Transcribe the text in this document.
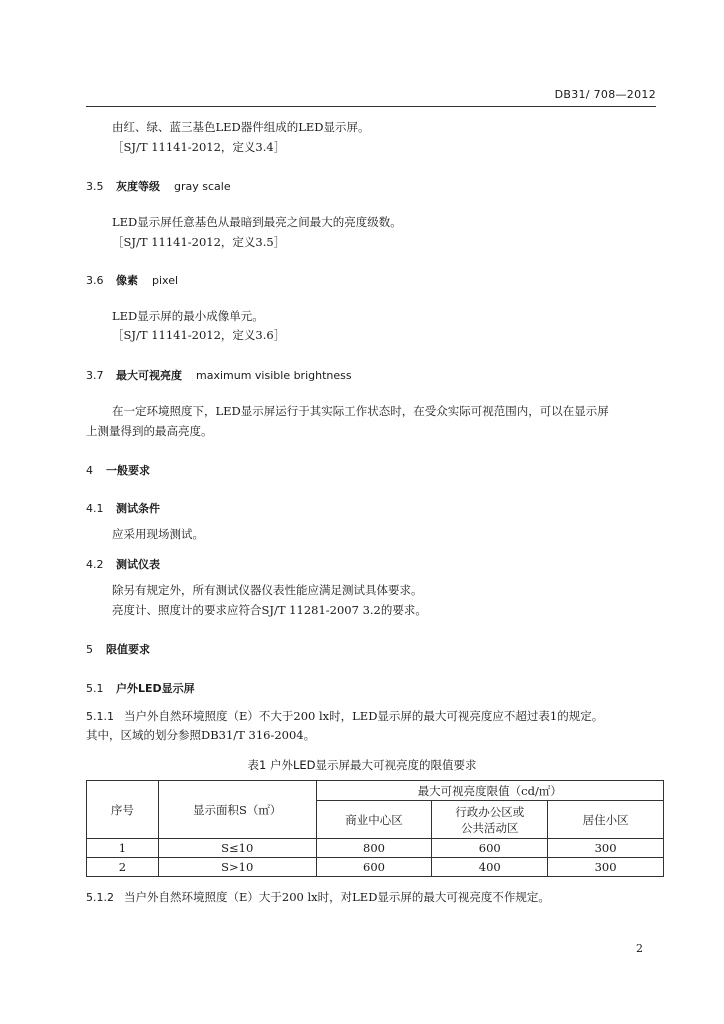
DB31/ 708—2012
由红、绿、蓝三基色LED器件组成的LED显示屏。
［SJ/T 11141-2012，定义3.4］
3.5 灰度等级 gray scale
LED显示屏任意基色从最暗到最亮之间最大的亮度级数。
［SJ/T 11141-2012，定义3.5］
3.6 像素 pixel
LED显示屏的最小成像单元。
［SJ/T 11141-2012，定义3.6］
3.7 最大可视亮度 maximum visible brightness
在一定环境照度下，LED显示屏运行于其实际工作状态时，在受众实际可视范围内，可以在显示屏
上测量得到的最高亮度。
4 一般要求
4.1 测试条件
应采用现场测试。
4.2 测试仪表
除另有规定外，所有测试仪器仪表性能应满足测试具体要求。
亮度计、照度计的要求应符合SJ/T 11281-2007 3.2的要求。
5 限值要求
5.1 户外LED显示屏
5.1.1 当户外自然环境照度（E）不大于200 lx时，LED显示屏的最大可视亮度应不超过表1的规定。
其中，区域的划分参照DB31/T 316-2004。
表1 户外LED显示屏最大可视亮度的限值要求
序号	显示面积S（㎡）	最大可视亮度限值（cd/㎡）		
		商业中心区	行政办公区或
公共活动区	居住小区
1	S≤10	800	600	300
2	S>10	600	400	300
5.1.2 当户外自然环境照度（E）大于200 lx时，对LED显示屏的最大可视亮度不作规定。
2
